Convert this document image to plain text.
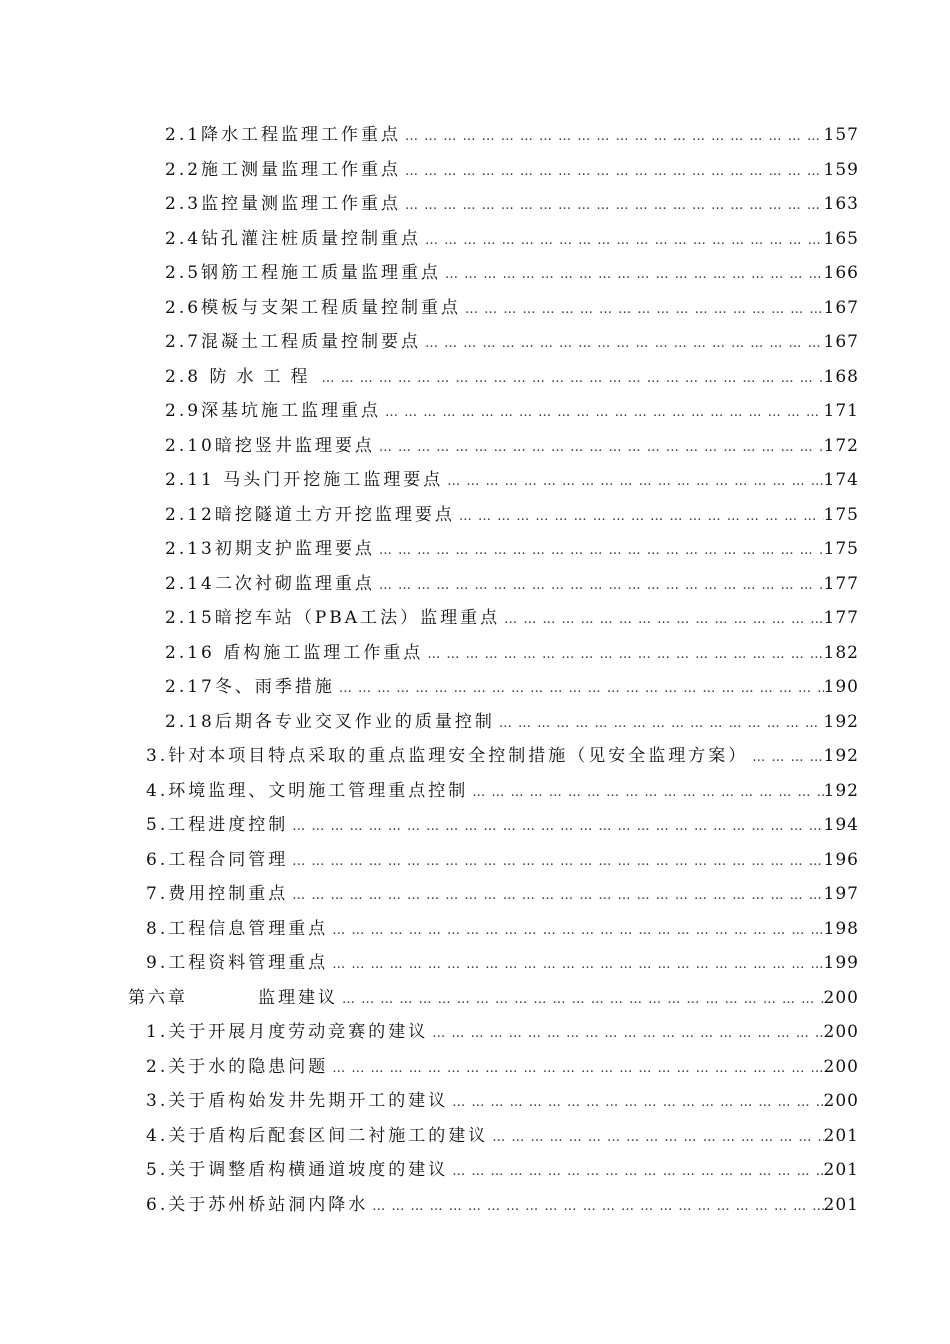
2.1降水工程监理工作重点 … … … … … … … … … … … … … … … … … … … … … … … … … … … … … … … … … … … … … … … … … … … … … … … …	157
2.2施工测量监理工作重点 … … … … … … … … … … … … … … … … … … … … … … … … … … … … … … … … … … … … … … … … … … … … … … … …	159
2.3监控量测监理工作重点 … … … … … … … … … … … … … … … … … … … … … … … … … … … … … … … … … … … … … … … … … … … … … … … …	163
2.4钻孔灌注桩质量控制重点 … … … … … … … … … … … … … … … … … … … … … … … … … … … … … … … … … … … … … … … … … … … … … … … …	165
2.5钢筋工程施工质量监理重点 … … … … … … … … … … … … … … … … … … … … … … … … … … … … … … … … … … … … … … … … … … … … … … … …	166
2.6模板与支架工程质量控制重点 … … … … … … … … … … … … … … … … … … … … … … … … … … … … … … … … … … … … … … … … … … … … … … … …	167
2.7混凝土工程质量控制要点 … … … … … … … … … … … … … … … … … … … … … … … … … … … … … … … … … … … … … … … … … … … … … … … …	167
2.8 防水工程 … … … … … … … … … … … … … … … … … … … … … … … … … … … … … … … … … … … … … … … … … … … … … … … …	168
2.9深基坑施工监理重点 … … … … … … … … … … … … … … … … … … … … … … … … … … … … … … … … … … … … … … … … … … … … … … … …	171
2.10暗挖竖井监理要点 … … … … … … … … … … … … … … … … … … … … … … … … … … … … … … … … … … … … … … … … … … … … … … … …	172
2.11 马头门开挖施工监理要点 … … … … … … … … … … … … … … … … … … … … … … … … … … … … … … … … … … … … … … … … … … … … … … … …	174
2.12暗挖隧道土方开挖监理要点 … … … … … … … … … … … … … … … … … … … … … … … … … … … … … … … … … … … … … … … … … … … … … … … …	175
2.13初期支护监理要点 … … … … … … … … … … … … … … … … … … … … … … … … … … … … … … … … … … … … … … … … … … … … … … … …	175
2.14二次衬砌监理重点 … … … … … … … … … … … … … … … … … … … … … … … … … … … … … … … … … … … … … … … … … … … … … … … …	177
2.15暗挖车站（PBA工法）监理重点 … … … … … … … … … … … … … … … … … … … … … … … … … … … … … … … … … … … … … … … … … … … … … … … …	177
2.16 盾构施工监理工作重点 … … … … … … … … … … … … … … … … … … … … … … … … … … … … … … … … … … … … … … … … … … … … … … … …	182
2.17冬、雨季措施 … … … … … … … … … … … … … … … … … … … … … … … … … … … … … … … … … … … … … … … … … … … … … … … …	190
2.18后期各专业交叉作业的质量控制 … … … … … … … … … … … … … … … … … … … … … … … … … … … … … … … … … … … … … … … … … … … … … … … …	192
3.针对本项目特点采取的重点监理安全控制措施（见安全监理方案） … … … … … … … … … … … … … … … … … … … … … … … … … … … … … … … … … … … … … … … … … … … … … … … …	192
4.环境监理、文明施工管理重点控制 … … … … … … … … … … … … … … … … … … … … … … … … … … … … … … … … … … … … … … … … … … … … … … … …	192
5.工程进度控制 … … … … … … … … … … … … … … … … … … … … … … … … … … … … … … … … … … … … … … … … … … … … … … … …	194
6.工程合同管理 … … … … … … … … … … … … … … … … … … … … … … … … … … … … … … … … … … … … … … … … … … … … … … … …	196
7.费用控制重点 … … … … … … … … … … … … … … … … … … … … … … … … … … … … … … … … … … … … … … … … … … … … … … … …	197
8.工程信息管理重点 … … … … … … … … … … … … … … … … … … … … … … … … … … … … … … … … … … … … … … … … … … … … … … … …	198
9.工程资料管理重点 … … … … … … … … … … … … … … … … … … … … … … … … … … … … … … … … … … … … … … … … … … … … … … … …	199
第六章	监理建议 … … … … … … … … … … … … … … … … … … … … … … … … … … … … … … … … … … … … … … … … … … … … … … … …	200
1.关于开展月度劳动竞赛的建议 … … … … … … … … … … … … … … … … … … … … … … … … … … … … … … … … … … … … … … … … … … … … … … … …	200
2.关于水的隐患问题 … … … … … … … … … … … … … … … … … … … … … … … … … … … … … … … … … … … … … … … … … … … … … … … …	200
3.关于盾构始发井先期开工的建议 … … … … … … … … … … … … … … … … … … … … … … … … … … … … … … … … … … … … … … … … … … … … … … … …	200
4.关于盾构后配套区间二衬施工的建议 … … … … … … … … … … … … … … … … … … … … … … … … … … … … … … … … … … … … … … … … … … … … … … … …	201
5.关于调整盾构横通道坡度的建议 … … … … … … … … … … … … … … … … … … … … … … … … … … … … … … … … … … … … … … … … … … … … … … … …	201
6.关于苏州桥站洞内降水 … … … … … … … … … … … … … … … … … … … … … … … … … … … … … … … … … … … … … … … … … … … … … … … …	201
